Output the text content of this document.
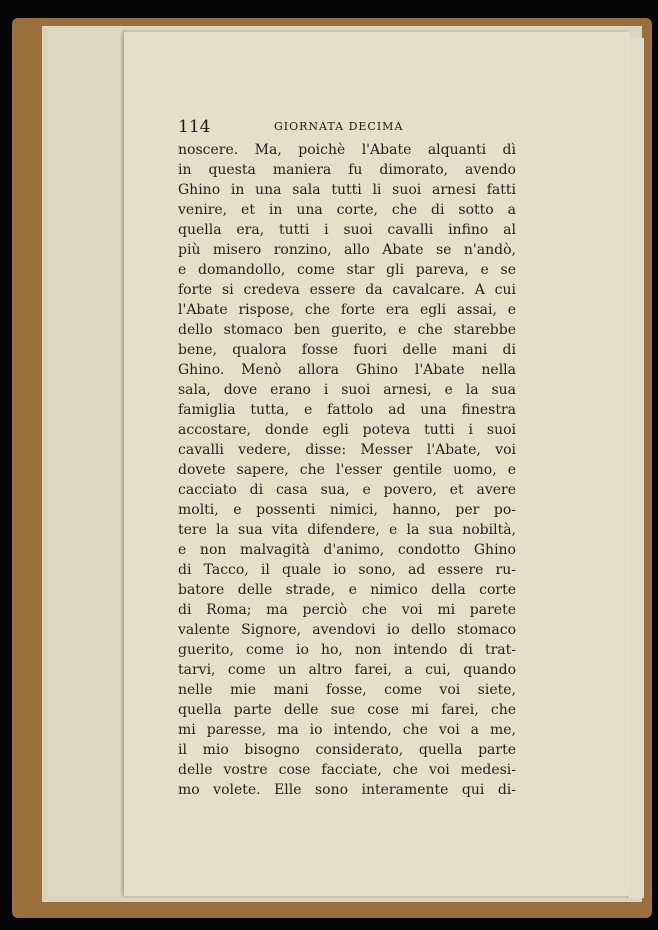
114	GIORNATA DECIMA
noscere. Ma, poichè l'Abate alquanti dì
in questa maniera fu dimorato, avendo
Ghino in una sala tutti li suoi arnesi fatti
venire, et in una corte, che di sotto a
quella era, tutti i suoi cavalli infino al
più misero ronzino, allo Abate se n'andò,
e domandollo, come star gli pareva, e se
forte si credeva essere da cavalcare. A cui
l'Abate rispose, che forte era egli assai, e
dello stomaco ben guerito, e che starebbe
bene, qualora fosse fuori delle mani di
Ghino. Menò allora Ghino l'Abate nella
sala, dove erano i suoi arnesi, e la sua
famiglia tutta, e fattolo ad una finestra
accostare, donde egli poteva tutti i suoi
cavalli vedere, disse: Messer l'Abate, voi
dovete sapere, che l'esser gentile uomo, e
cacciato di casa sua, e povero, et avere
molti, e possenti nimici, hanno, per po-
tere la sua vita difendere, e la sua nobiltà,
e non malvagità d'animo, condotto Ghino
di Tacco, il quale io sono, ad essere ru-
batore delle strade, e nimico della corte
di Roma; ma perciò che voi mi parete
valente Signore, avendovi io dello stomaco
guerito, come io ho, non intendo di trat-
tarvi, come un altro farei, a cui, quando
nelle mie mani fosse, come voi siete,
quella parte delle sue cose mi farei, che
mi paresse, ma io intendo, che voi a me,
il mio bisogno considerato, quella parte
delle vostre cose facciate, che voi medesi-
mo volete. Elle sono interamente qui di-
